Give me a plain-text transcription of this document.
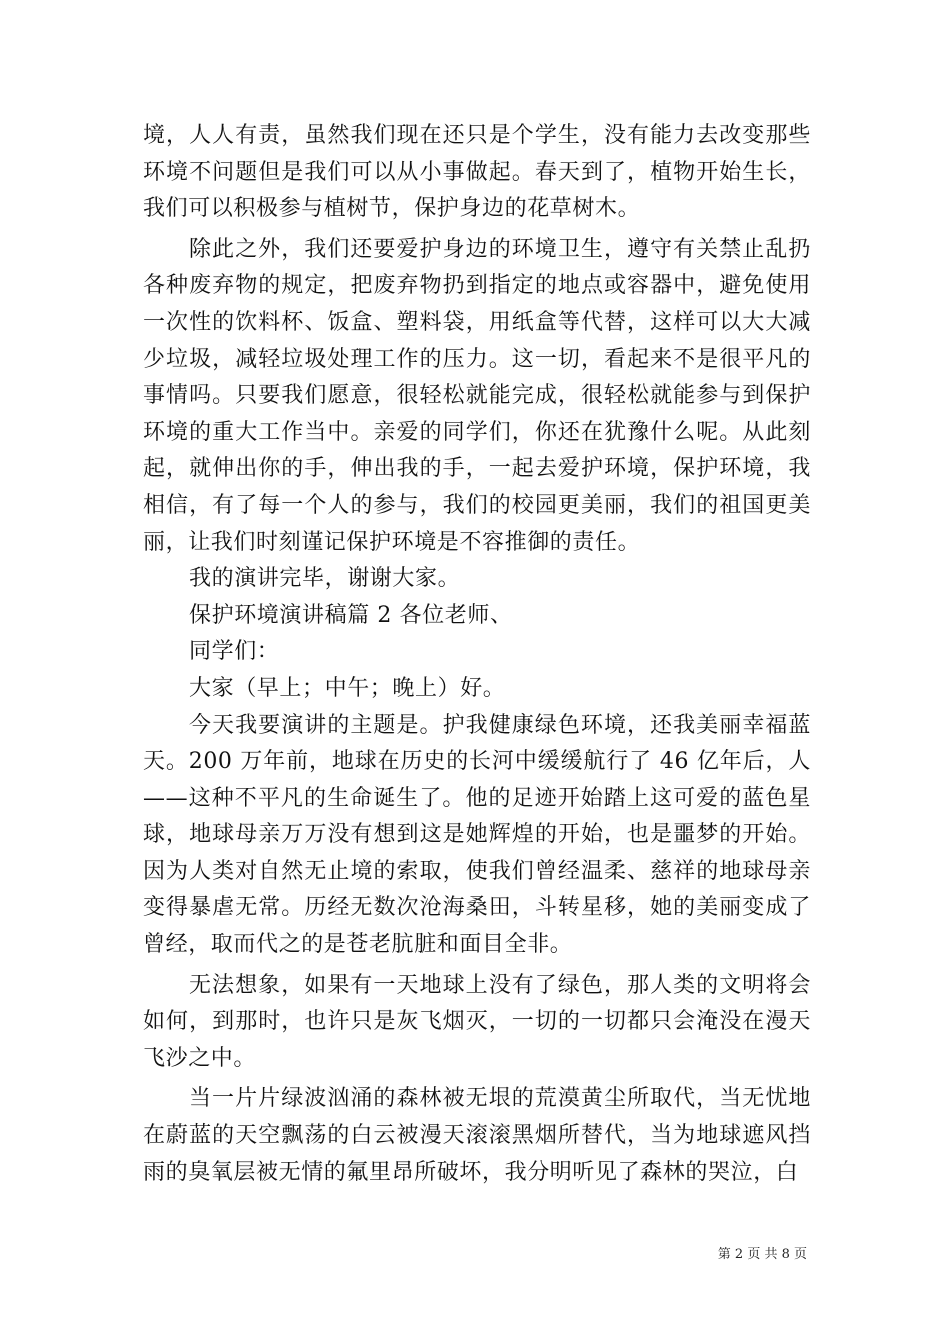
境，人人有责，虽然我们现在还只是个学生，没有能力去改变那些环境不问题但是我们可以从小事做起。春天到了，植物开始生长，我们可以积极参与植树节，保护身边的花草树木。

除此之外，我们还要爱护身边的环境卫生，遵守有关禁止乱扔各种废弃物的规定，把废弃物扔到指定的地点或容器中，避免使用一次性的饮料杯、饭盒、塑料袋，用纸盒等代替，这样可以大大减少垃圾，减轻垃圾处理工作的压力。这一切，看起来不是很平凡的事情吗。只要我们愿意，很轻松就能完成，很轻松就能参与到保护环境的重大工作当中。亲爱的同学们，你还在犹豫什么呢。从此刻起，就伸出你的手，伸出我的手，一起去爱护环境，保护环境，我相信，有了每一个人的参与，我们的校园更美丽，我们的祖国更美丽，让我们时刻谨记保护环境是不容推御的责任。

我的演讲完毕，谢谢大家。

保护环境演讲稿篇 2 各位老师、

同学们：

大家（早上；中午；晚上）好。

今天我要演讲的主题是。护我健康绿色环境，还我美丽幸福蓝天。200 万年前，地球在历史的长河中缓缓航行了 46 亿年后，人——这种不平凡的生命诞生了。他的足迹开始踏上这可爱的蓝色星球，地球母亲万万没有想到这是她辉煌的开始，也是噩梦的开始。因为人类对自然无止境的索取，使我们曾经温柔、慈祥的地球母亲变得暴虐无常。历经无数次沧海桑田，斗转星移，她的美丽变成了曾经，取而代之的是苍老肮脏和面目全非。

无法想象，如果有一天地球上没有了绿色，那人类的文明将会如何，到那时，也许只是灰飞烟灭，一切的一切都只会淹没在漫天飞沙之中。

当一片片绿波汹涌的森林被无垠的荒漠黄尘所取代，当无忧地在蔚蓝的天空飘荡的白云被漫天滚滚黑烟所替代，当为地球遮风挡雨的臭氧层被无情的氟里昂所破坏，我分明听见了森林的哭泣，白

第 2 页 共 8 页
